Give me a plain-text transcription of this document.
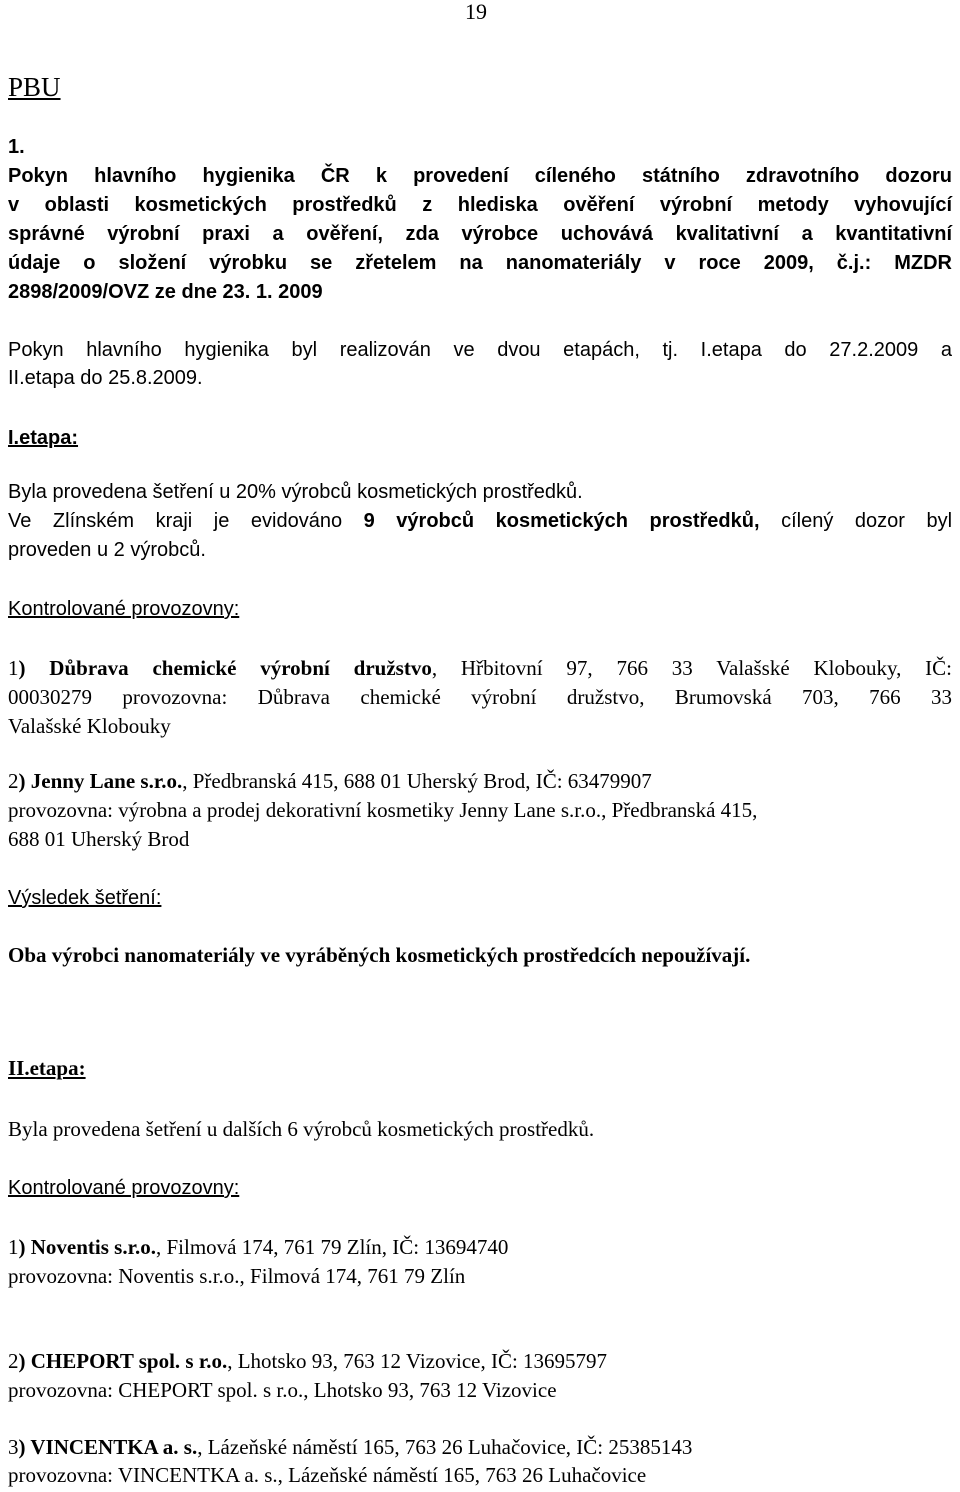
19
PBU
1.
Pokyn hlavního hygienika ČR k provedení cíleného státního zdravotního dozoru
v oblasti kosmetických prostředků z hlediska ověření výrobní metody vyhovující
správné výrobní praxi a ověření, zda výrobce uchovává kvalitativní a kvantitativní
údaje o složení výrobku se zřetelem na nanomateriály v roce 2009, č.j.: MZDR
2898/2009/OVZ ze dne 23. 1. 2009
Pokyn hlavního hygienika byl realizován ve dvou etapách, tj. I.etapa do 27.2.2009 a
II.etapa do 25.8.2009.
I.etapa:
Byla provedena šetření u 20% výrobců kosmetických prostředků.
Ve Zlínském kraji je evidováno 9 výrobců kosmetických prostředků, cílený dozor byl
proveden u 2 výrobců.
Kontrolované provozovny:
1) Důbrava chemické výrobní družstvo, Hřbitovní 97, 766 33 Valašské Klobouky, IČ:
00030279 provozovna: Důbrava chemické výrobní družstvo, Brumovská 703, 766 33
Valašské Klobouky
2) Jenny Lane s.r.o., Předbranská 415, 688 01 Uherský Brod, IČ: 63479907
provozovna: výrobna a prodej dekorativní kosmetiky Jenny Lane s.r.o., Předbranská 415,
688 01 Uherský Brod
Výsledek šetření:
Oba výrobci nanomateriály ve vyráběných kosmetických prostředcích nepoužívají.
II.etapa:
Byla provedena šetření u dalších 6 výrobců kosmetických prostředků.
Kontrolované provozovny:
1) Noventis s.r.o., Filmová 174, 761 79 Zlín, IČ: 13694740
provozovna: Noventis s.r.o., Filmová 174, 761 79 Zlín
2) CHEPORT spol. s r.o., Lhotsko 93, 763 12 Vizovice, IČ: 13695797
provozovna: CHEPORT spol. s r.o., Lhotsko 93, 763 12 Vizovice
3) VINCENTKA a. s., Lázeňské náměstí 165, 763 26 Luhačovice, IČ: 25385143
provozovna: VINCENTKA a. s., Lázeňské náměstí 165, 763 26 Luhačovice
